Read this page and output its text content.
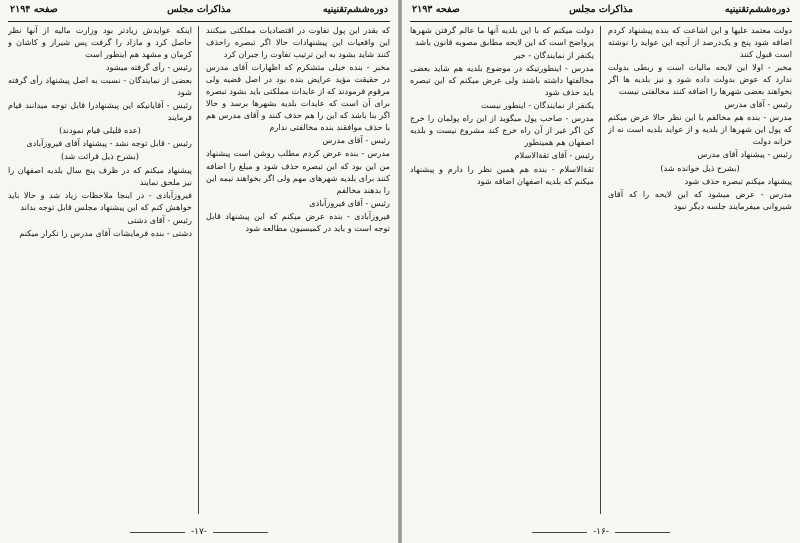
دوره‌ششم‌تقنینیه
مذاکرات مجلس
صفحه ۲۱۹۴

که بقدر این پول تفاوت در اقتصادیات مملکتی میکنند این واقعیات این پیشنهادات حالا اگر تبصره راحذف کنند شاید بشود به این ترتیب تفاوت را جبران کرد

مخبر - بنده خیلی متشکرم که اظهارات آقای مدرس در حقیقت مؤید عرایض بنده بود در اصل قضیه ولی مرقوم فرمودند که از عایدات مملکتی باید بشود تبصره برای آن است که عایدات بلدیه بشهرها برسد و حالا اگر بنا باشد که این را هم حذف کنند و آقای مدرس هم با حذف موافقند بنده مخالفتی ندارم

رئیس - آقای مدرس

مدرس - بنده عرض کردم مطلب روشن است پیشنهاد من این بود که این تبصره حذف شود و مبلغ را اضافه کنند برای بلدیه شهرهای مهم ولی اگر بخواهند نیمه این را بدهند مخالفم

رئیس - آقای فیروزآبادی

فیروزآبادی - بنده عرض میکنم که این پیشنهاد قابل توجه است و باید در کمیسیون مطالعه شود

اینکه عوایدش زیادتر بود وزارت مالیه از آنها نظر حاصل کرد و مازاد را گرفت پس شیراز و کاشان و کرمان و مشهد هم اینطور است

رئیس - رأی گرفته میشود

بعضی از نمایندگان - نسبت به اصل پیشنهاد رأی گرفته شود

رئیس - آقایانیکه این پیشنهادرا قابل توجه میدانند قیام فرمایند

(عده قلیلی قیام نمودند)

رئیس - قابل توجه نشد - پیشنهاد آقای فیروزآبادی

(بشرح ذیل قرائت شد)

پیشنهاد میکنم که در ظرف پنج سال بلدیه اصفهان را نیز ملحق نمایند

فیروزآبادی - در اینجا ملاحظات زیاد شد و حالا باید خواهش کنم که این پیشنهاد مجلس قابل توجه بداند

رئیس - آقای دشتی

دشتی - بنده فرمایشات آقای مدرس را تکرار میکنم

-۱۷-
دوره‌ششم‌تقنینیه
مذاکرات مجلس
صفحه ۲۱۹۳

دولت معتمد علیها و این اشاعت که بنده پیشنهاد کردم اضافه شود پنج و یک‌درصد از آنچه این عواید را نوشته است قبول کنند

مخبر - اولا این لایحه مالیات است و ربطی بدولت ندارد که عوض بدولت داده شود و نیز بلدیه ها اگر بخواهند بعضی شهرها را اضافه کنند مخالفتی نیست

رئیس - آقای مدرس

مدرس - بنده هم مخالفم با این نظر حالا عرض میکنم که پول این شهرها از بلدیه و از عواید بلدیه است نه از خزانه دولت

رئیس - پیشنهاد آقای مدرس

(بشرح ذیل خوانده شد)

پیشنهاد میکنم تبصره حذف شود

مدرس - عرض میشود که این لایحه را که آقای شیروانی میفرمایند جلسه دیگر نبود

دولت میکنم که با این بلدیه آنها ما عالم گرفتن شهرها پرواضح است که این لایحه مطابق مصوبه قانون باشد

یکنفر از نمایندگان - خیر

مدرس - اینطورتیکه در موضوع بلدیه هم شاید بعضی مخالفتها داشته باشند ولی عرض میکنم که این تبصره باید حذف شود

یکنفر از نمایندگان - اینطور نیست

مدرس - صاحب پول میگوید از این راه پولمان را خرج کن اگر غیر از آن راه خرج کند مشروع نیست و بلدیه اصفهان هم همینطور

رئیس - آقای ثقة‌الاسلام

ثقة‌الاسلام - بنده هم همین نظر را دارم و پیشنهاد میکنم که بلدیه اصفهان اضافه شود

-۱۶-
